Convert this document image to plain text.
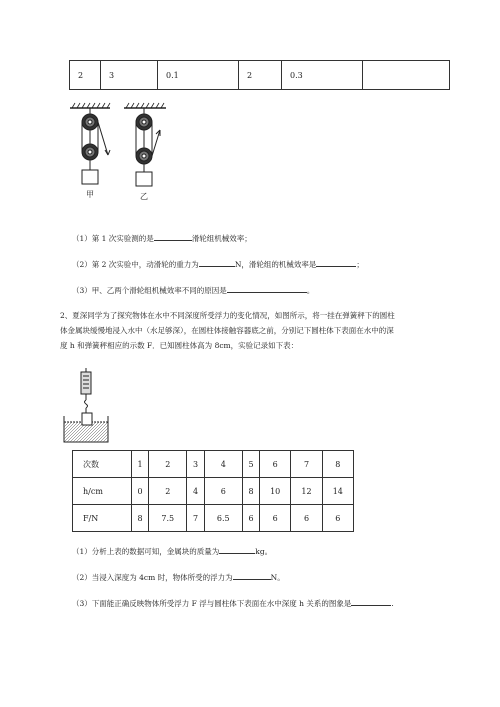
2	3	0.1	2	0.3	
甲	乙
（1）第 1 次实验测的是	滑轮组机械效率；
（2）第 2 次实验中，动滑轮的重力为	N，滑轮组的机械效率是	；
（3）甲、乙两个滑轮组机械效率不同的原因是	。
2、夏深同学为了探究物体在水中不同深度所受浮力的变化情况，如图所示，将一挂在弹簧秤下的圆柱
体金属块缓慢地浸入水中（水足够深），在圆柱体接触容器底之前，分别记下圆柱体下表面在水中的深
度 h 和弹簧秤相应的示数 F．已知圆柱体高为 8cm，实验记录如下表：
次数	1	2	3	4	5	6	7	8
h/cm	0	2	4	6	8	10	12	14
F/N	8	7.5	7	6.5	6	6	6	6
（1）分析上表的数据可知，金属块的质量为	kg。
（2）当浸入深度为 4cm 时，物体所受的浮力为	N。
（3）下面能正确反映物体所受浮力 F 浮与圆柱体下表面在水中深度 h 关系的图象是	.
